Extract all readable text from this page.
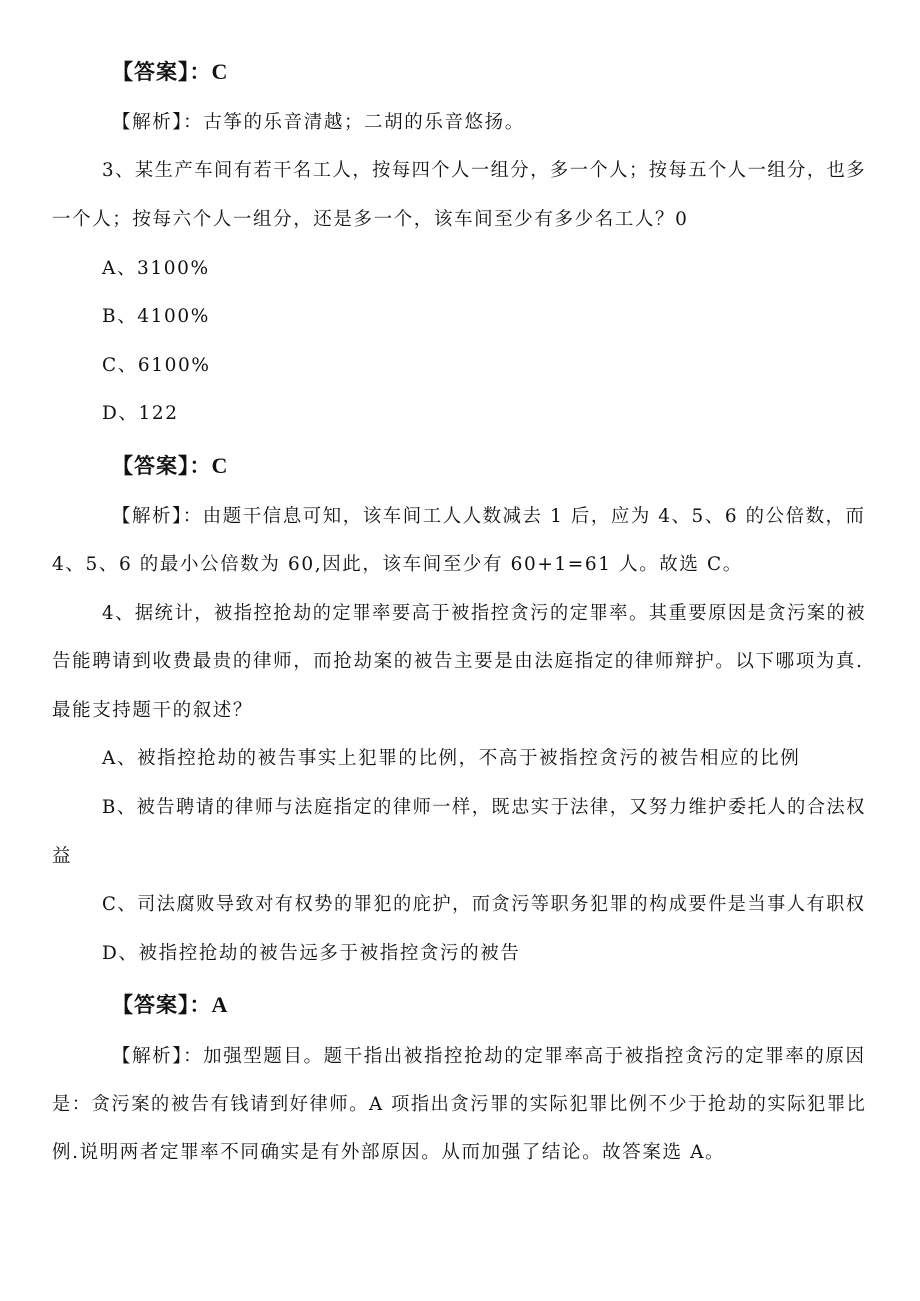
【答案】：C
【解析】：古筝的乐音清越；二胡的乐音悠扬。
3、某生产车间有若干名工人，按每四个人一组分，多一个人；按每五个人一组分，也多
一个人；按每六个人一组分，还是多一个，该车间至少有多少名工人？0
A、3100%
B、4100%
C、6100%
D、122
【答案】：C
【解析】：由题干信息可知，该车间工人人数减去 1 后，应为 4、5、6 的公倍数，而
4、5、6 的最小公倍数为 60,因此，该车间至少有 60+1=61 人。故选 C。
4、据统计，被指控抢劫的定罪率要高于被指控贪污的定罪率。其重要原因是贪污案的被
告能聘请到收费最贵的律师，而抢劫案的被告主要是由法庭指定的律师辩护。以下哪项为真.
最能支持题干的叙述？
A、被指控抢劫的被告事实上犯罪的比例，不高于被指控贪污的被告相应的比例
B、被告聘请的律师与法庭指定的律师一样，既忠实于法律，又努力维护委托人的合法权
益
C、司法腐败导致对有权势的罪犯的庇护，而贪污等职务犯罪的构成要件是当事人有职权
D、被指控抢劫的被告远多于被指控贪污的被告
【答案】：A
【解析】：加强型题目。题干指出被指控抢劫的定罪率高于被指控贪污的定罪率的原因
是：贪污案的被告有钱请到好律师。A 项指出贪污罪的实际犯罪比例不少于抢劫的实际犯罪比
例.说明两者定罪率不同确实是有外部原因。从而加强了结论。故答案选 A。
